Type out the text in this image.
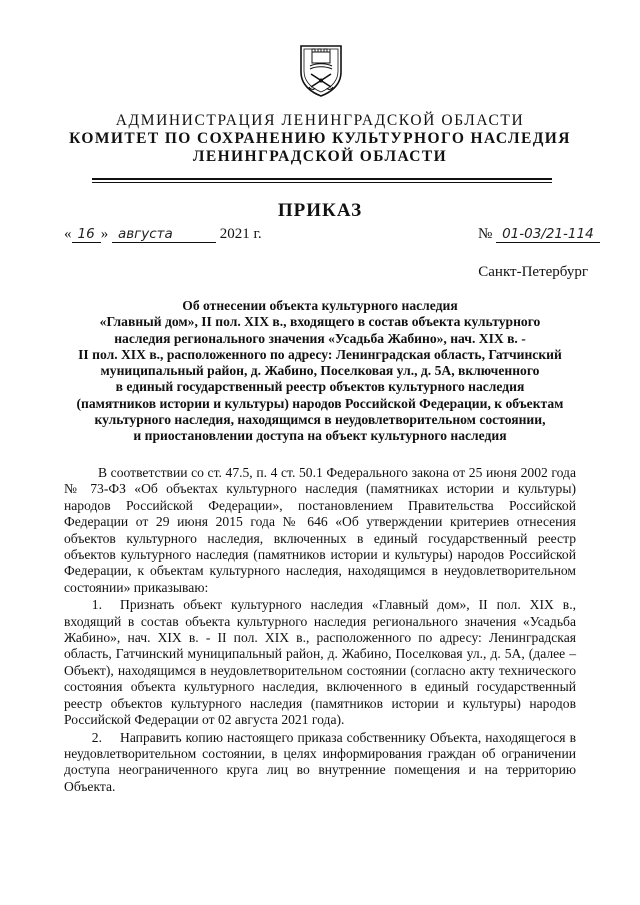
АДМИНИСТРАЦИЯ ЛЕНИНГРАДСКОЙ ОБЛАСТИ
КОМИТЕТ ПО СОХРАНЕНИЮ КУЛЬТУРНОГО НАСЛЕДИЯ
ЛЕНИНГРАДСКОЙ ОБЛАСТИ
ПРИКАЗ
« 16 » августа	2021 г.	№ 01-03/21-114
Санкт-Петербург
Об отнесении объекта культурного наследия
«Главный дом», II пол. XIX в., входящего в состав объекта культурного
наследия регионального значения «Усадьба Жабино», нач. XIX в. -
II пол. XIX в., расположенного по адресу: Ленинградская область, Гатчинский
муниципальный район, д. Жабино, Поселковая ул., д. 5А, включенного
в единый государственный реестр объектов культурного наследия
(памятников истории и культуры) народов Российской Федерации, к объектам
культурного наследия, находящимся в неудовлетворительном состоянии,
и приостановлении доступа на объект культурного наследия

В соответствии со ст. 47.5, п. 4 ст. 50.1 Федерального закона от 25 июня 2002 года № 73-ФЗ «Об объектах культурного наследия (памятниках истории и культуры) народов Российской Федерации», постановлением Правительства Российской Федерации от 29 июня 2015 года № 646 «Об утверждении критериев отнесения объектов культурного наследия, включенных в единый государственный реестр объектов культурного наследия (памятников истории и культуры) народов Российской Федерации, к объектам культурного наследия, находящимся в неудовлетворительном состоянии» приказываю:

1. Признать объект культурного наследия «Главный дом», II пол. XIX в., входящий в состав объекта культурного наследия регионального значения «Усадьба Жабино», нач. XIX в. - II пол. XIX в., расположенного по адресу: Ленинградская область, Гатчинский муниципальный район, д. Жабино, Поселковая ул., д. 5А, (далее – Объект), находящимся в неудовлетворительном состоянии (согласно акту технического состояния объекта культурного наследия, включенного в единый государственный реестр объектов культурного наследия (памятников истории и культуры) народов Российской Федерации от 02 августа 2021 года).

2. Направить копию настоящего приказа собственнику Объекта, находящегося в неудовлетворительном состоянии, в целях информирования граждан об ограничении доступа неограниченного круга лиц во внутренние помещения и на территорию Объекта.
